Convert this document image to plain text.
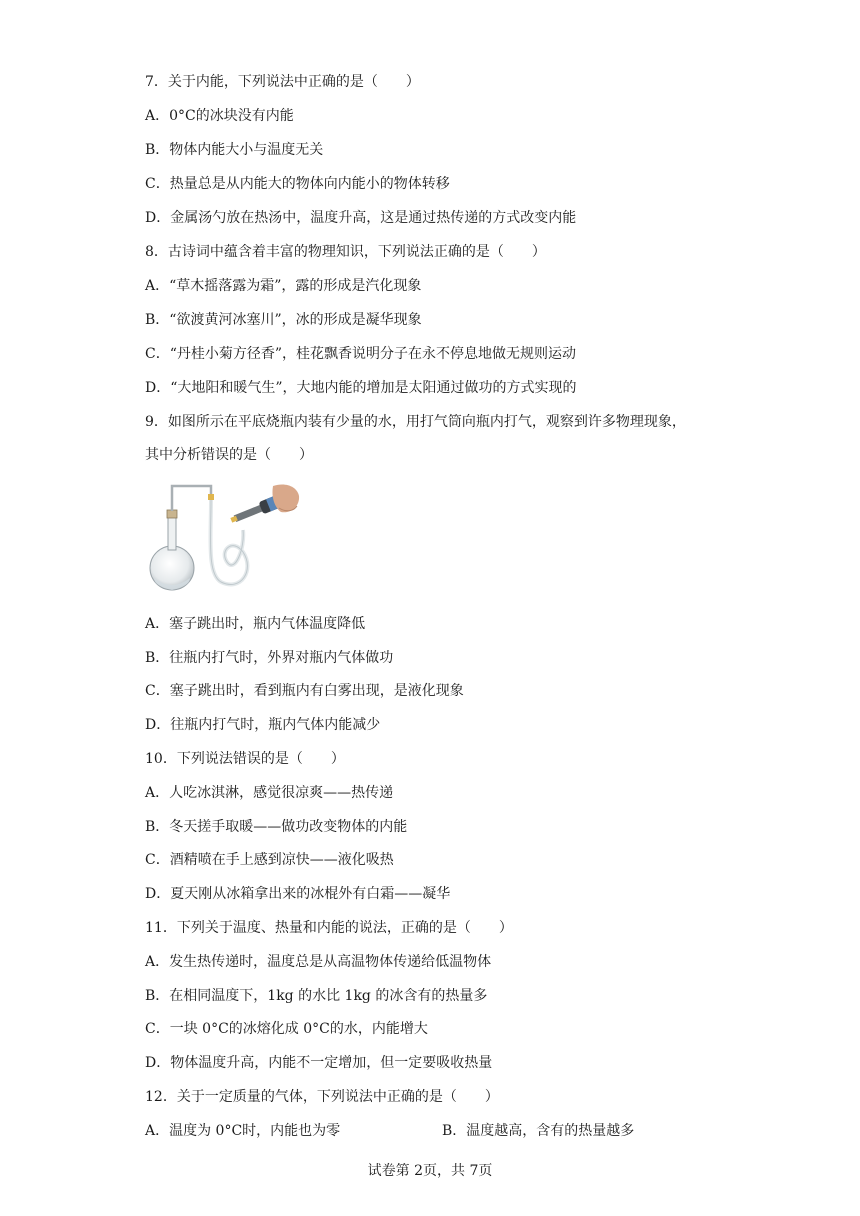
7．关于内能，下列说法中正确的是（　　）
A．0°C的冰块没有内能
B．物体内能大小与温度无关
C．热量总是从内能大的物体向内能小的物体转移
D．金属汤勺放在热汤中，温度升高，这是通过热传递的方式改变内能
8．古诗词中蕴含着丰富的物理知识，下列说法正确的是（　　）
A．“草木摇落露为霜”，露的形成是汽化现象
B．“欲渡黄河冰塞川”，冰的形成是凝华现象
C．“丹桂小菊方径香”，桂花飘香说明分子在永不停息地做无规则运动
D．“大地阳和暖气生”，大地内能的增加是太阳通过做功的方式实现的
9．如图所示在平底烧瓶内装有少量的水，用打气筒向瓶内打气，观察到许多物理现象，
其中分析错误的是（　　）
A．塞子跳出时，瓶内气体温度降低
B．往瓶内打气时，外界对瓶内气体做功
C．塞子跳出时，看到瓶内有白雾出现，是液化现象
D．往瓶内打气时，瓶内气体内能减少
10．下列说法错误的是（　　）
A．人吃冰淇淋，感觉很凉爽——热传递
B．冬天搓手取暖——做功改变物体的内能
C．酒精喷在手上感到凉快——液化吸热
D．夏天刚从冰箱拿出来的冰棍外有白霜——凝华
11．下列关于温度、热量和内能的说法，正确的是（　　）
A．发生热传递时，温度总是从高温物体传递给低温物体
B．在相同温度下，1kg 的水比 1kg 的冰含有的热量多
C．一块 0°C的冰熔化成 0°C的水，内能增大
D．物体温度升高，内能不一定增加，但一定要吸收热量
12．关于一定质量的气体，下列说法中正确的是（　　）
A．温度为 0°C时，内能也为零	B．温度越高，含有的热量越多
试卷第 2页，共 7页
